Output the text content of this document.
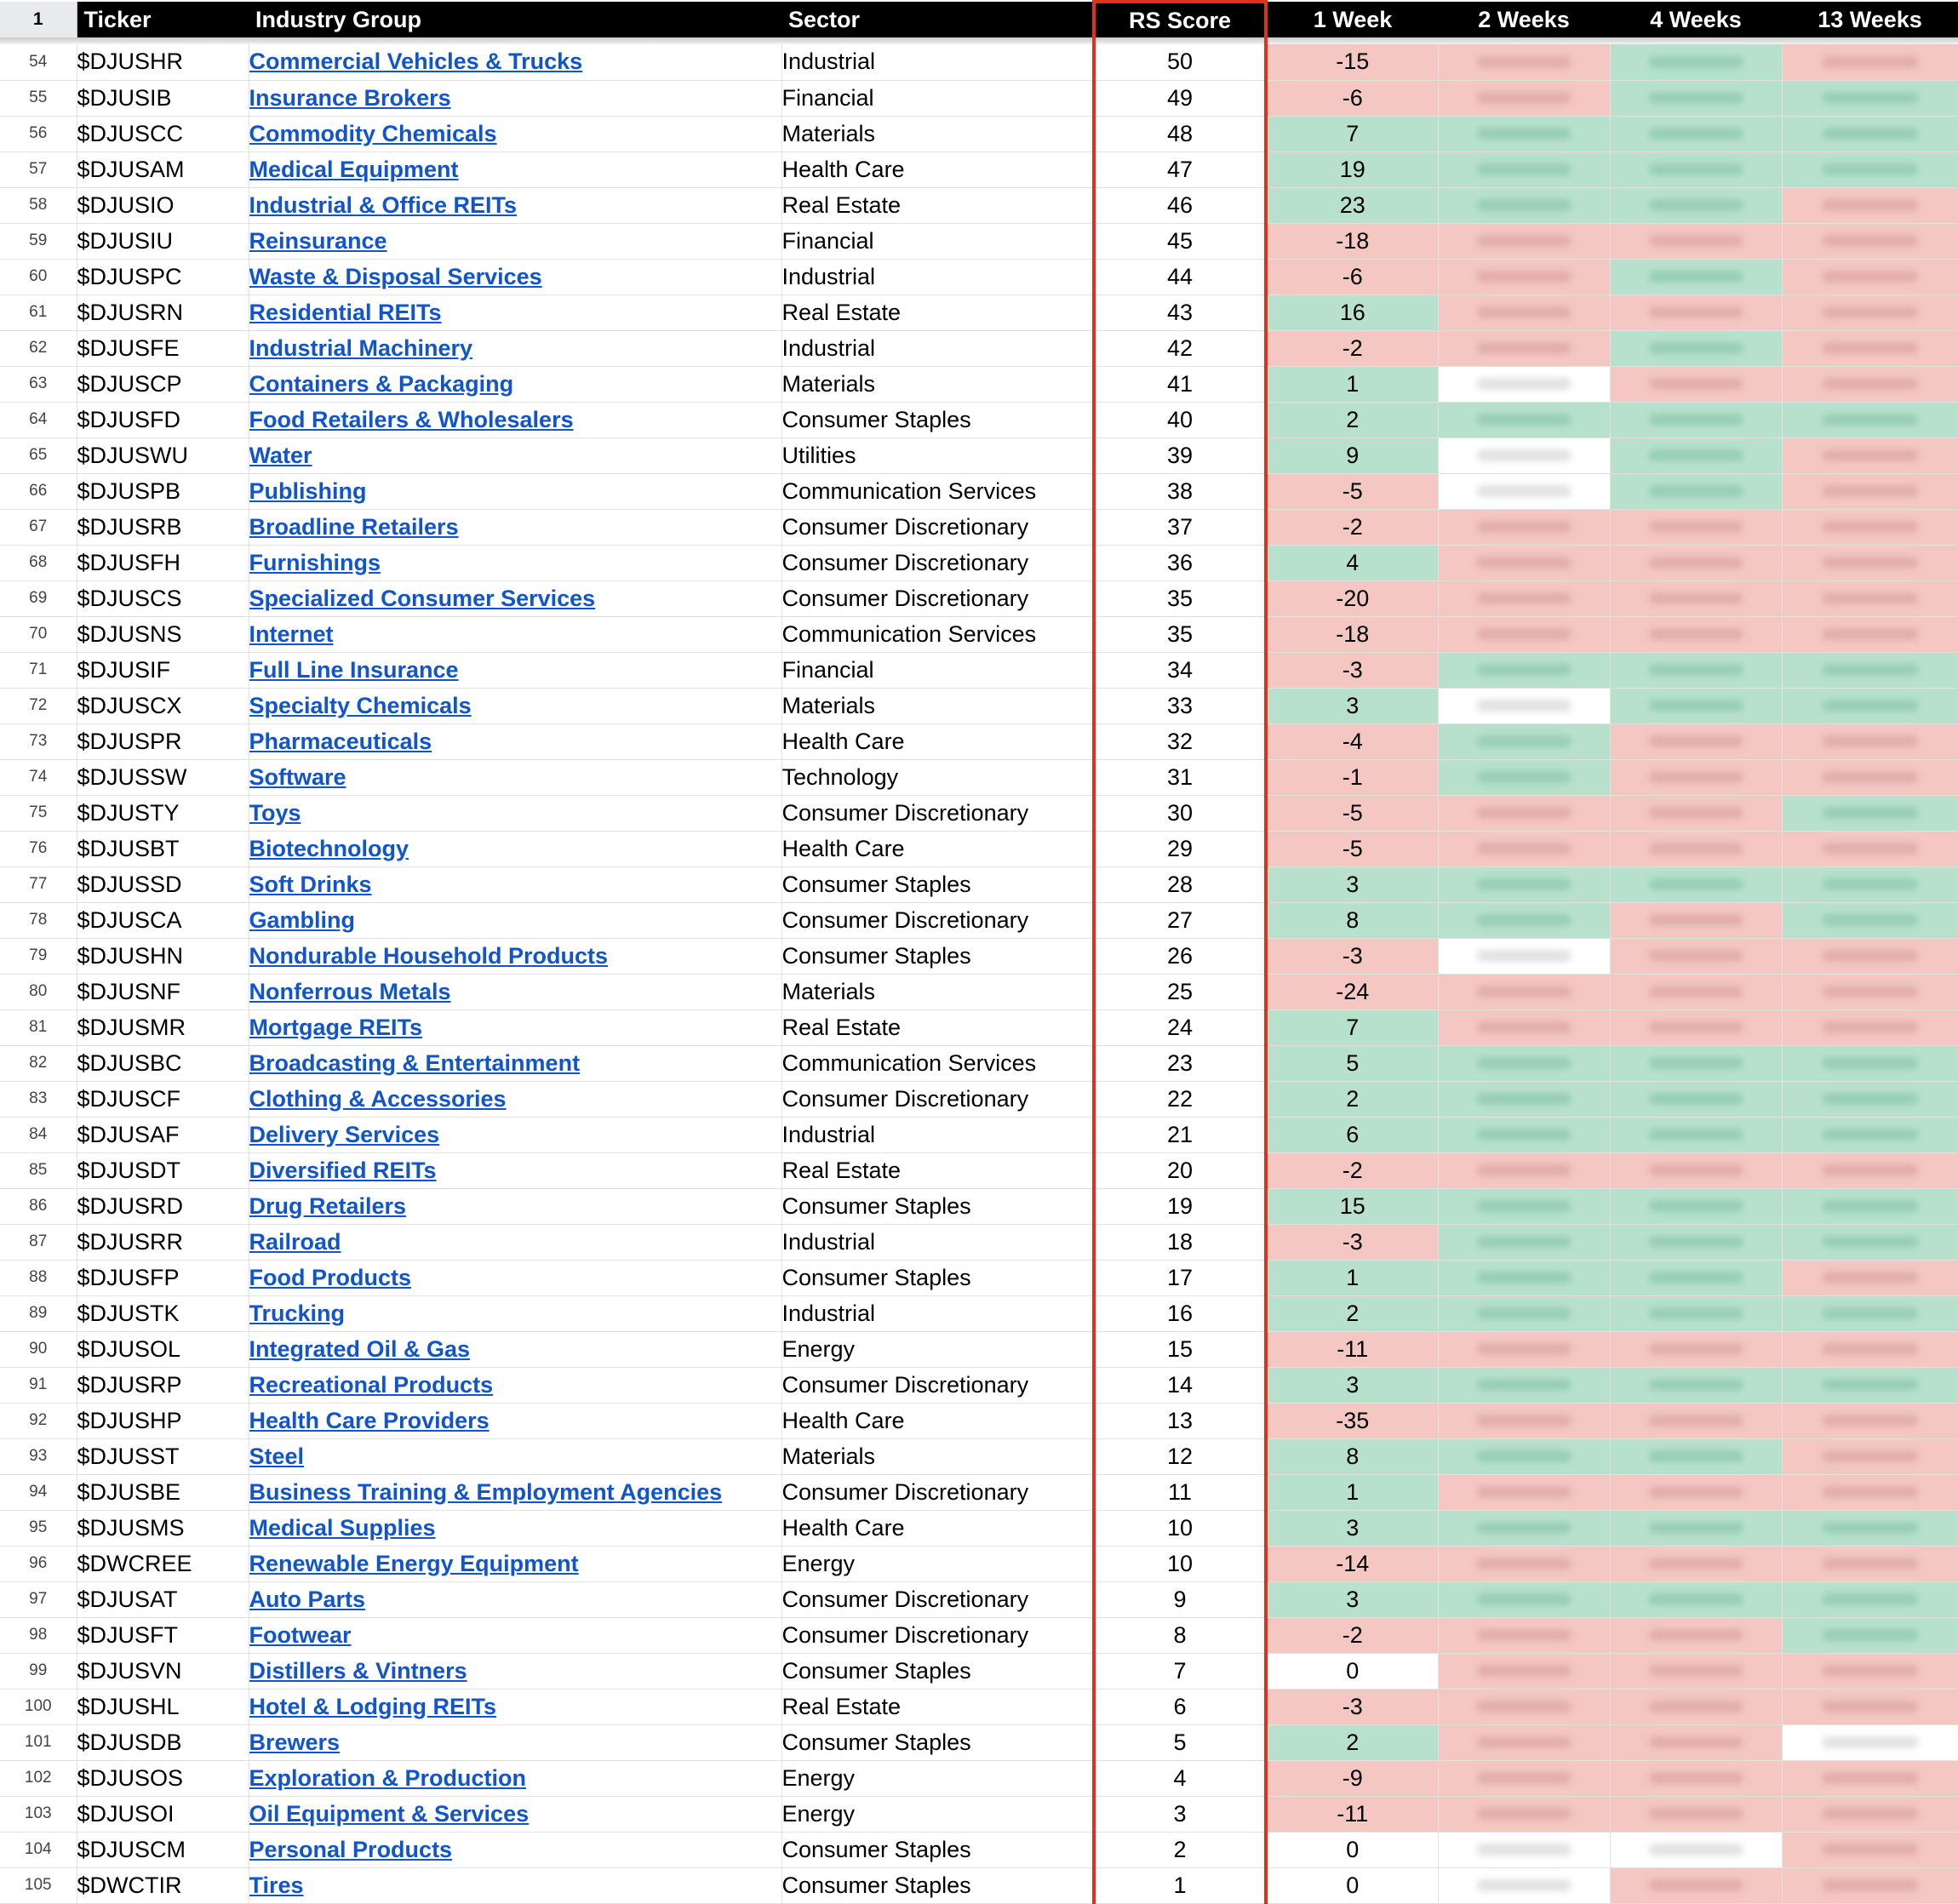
1	Ticker	Industry Group	Sector	RS Score	1 Week	2 Weeks	4 Weeks	13 Weeks

54	$DJUSHR	Commercial Vehicles & Trucks	Industrial	50	-15	

55	$DJUSIB	Insurance Brokers	Financial	49	-6	

56	$DJUSCC	Commodity Chemicals	Materials	48	7	

57	$DJUSAM	Medical Equipment	Health Care	47	19	

58	$DJUSIO	Industrial & Office REITs	Real Estate	46	23	

59	$DJUSIU	Reinsurance	Financial	45	-18	

60	$DJUSPC	Waste & Disposal Services	Industrial	44	-6	

61	$DJUSRN	Residential REITs	Real Estate	43	16	

62	$DJUSFE	Industrial Machinery	Industrial	42	-2	

63	$DJUSCP	Containers & Packaging	Materials	41	1	

64	$DJUSFD	Food Retailers & Wholesalers	Consumer Staples	40	2	

65	$DJUSWU	Water	Utilities	39	9	

66	$DJUSPB	Publishing	Communication Services	38	-5	

67	$DJUSRB	Broadline Retailers	Consumer Discretionary	37	-2	

68	$DJUSFH	Furnishings	Consumer Discretionary	36	4	

69	$DJUSCS	Specialized Consumer Services	Consumer Discretionary	35	-20	

70	$DJUSNS	Internet	Communication Services	35	-18	

71	$DJUSIF	Full Line Insurance	Financial	34	-3	

72	$DJUSCX	Specialty Chemicals	Materials	33	3	

73	$DJUSPR	Pharmaceuticals	Health Care	32	-4	

74	$DJUSSW	Software	Technology	31	-1	

75	$DJUSTY	Toys	Consumer Discretionary	30	-5	

76	$DJUSBT	Biotechnology	Health Care	29	-5	

77	$DJUSSD	Soft Drinks	Consumer Staples	28	3	

78	$DJUSCA	Gambling	Consumer Discretionary	27	8	

79	$DJUSHN	Nondurable Household Products	Consumer Staples	26	-3	

80	$DJUSNF	Nonferrous Metals	Materials	25	-24	

81	$DJUSMR	Mortgage REITs	Real Estate	24	7	

82	$DJUSBC	Broadcasting & Entertainment	Communication Services	23	5	

83	$DJUSCF	Clothing & Accessories	Consumer Discretionary	22	2	

84	$DJUSAF	Delivery Services	Industrial	21	6	

85	$DJUSDT	Diversified REITs	Real Estate	20	-2	

86	$DJUSRD	Drug Retailers	Consumer Staples	19	15	

87	$DJUSRR	Railroad	Industrial	18	-3	

88	$DJUSFP	Food Products	Consumer Staples	17	1	

89	$DJUSTK	Trucking	Industrial	16	2	

90	$DJUSOL	Integrated Oil & Gas	Energy	15	-11	

91	$DJUSRP	Recreational Products	Consumer Discretionary	14	3	

92	$DJUSHP	Health Care Providers	Health Care	13	-35	

93	$DJUSST	Steel	Materials	12	8	

94	$DJUSBE	Business Training & Employment Agencies	Consumer Discretionary	11	1	

95	$DJUSMS	Medical Supplies	Health Care	10	3	

96	$DWCREE	Renewable Energy Equipment	Energy	10	-14	

97	$DJUSAT	Auto Parts	Consumer Discretionary	9	3	

98	$DJUSFT	Footwear	Consumer Discretionary	8	-2	

99	$DJUSVN	Distillers & Vintners	Consumer Staples	7	0	

100	$DJUSHL	Hotel & Lodging REITs	Real Estate	6	-3	

101	$DJUSDB	Brewers	Consumer Staples	5	2	

102	$DJUSOS	Exploration & Production	Energy	4	-9	

103	$DJUSOI	Oil Equipment & Services	Energy	3	-11	

104	$DJUSCM	Personal Products	Consumer Staples	2	0	

105	$DWCTIR	Tires	Consumer Staples	1	0	
